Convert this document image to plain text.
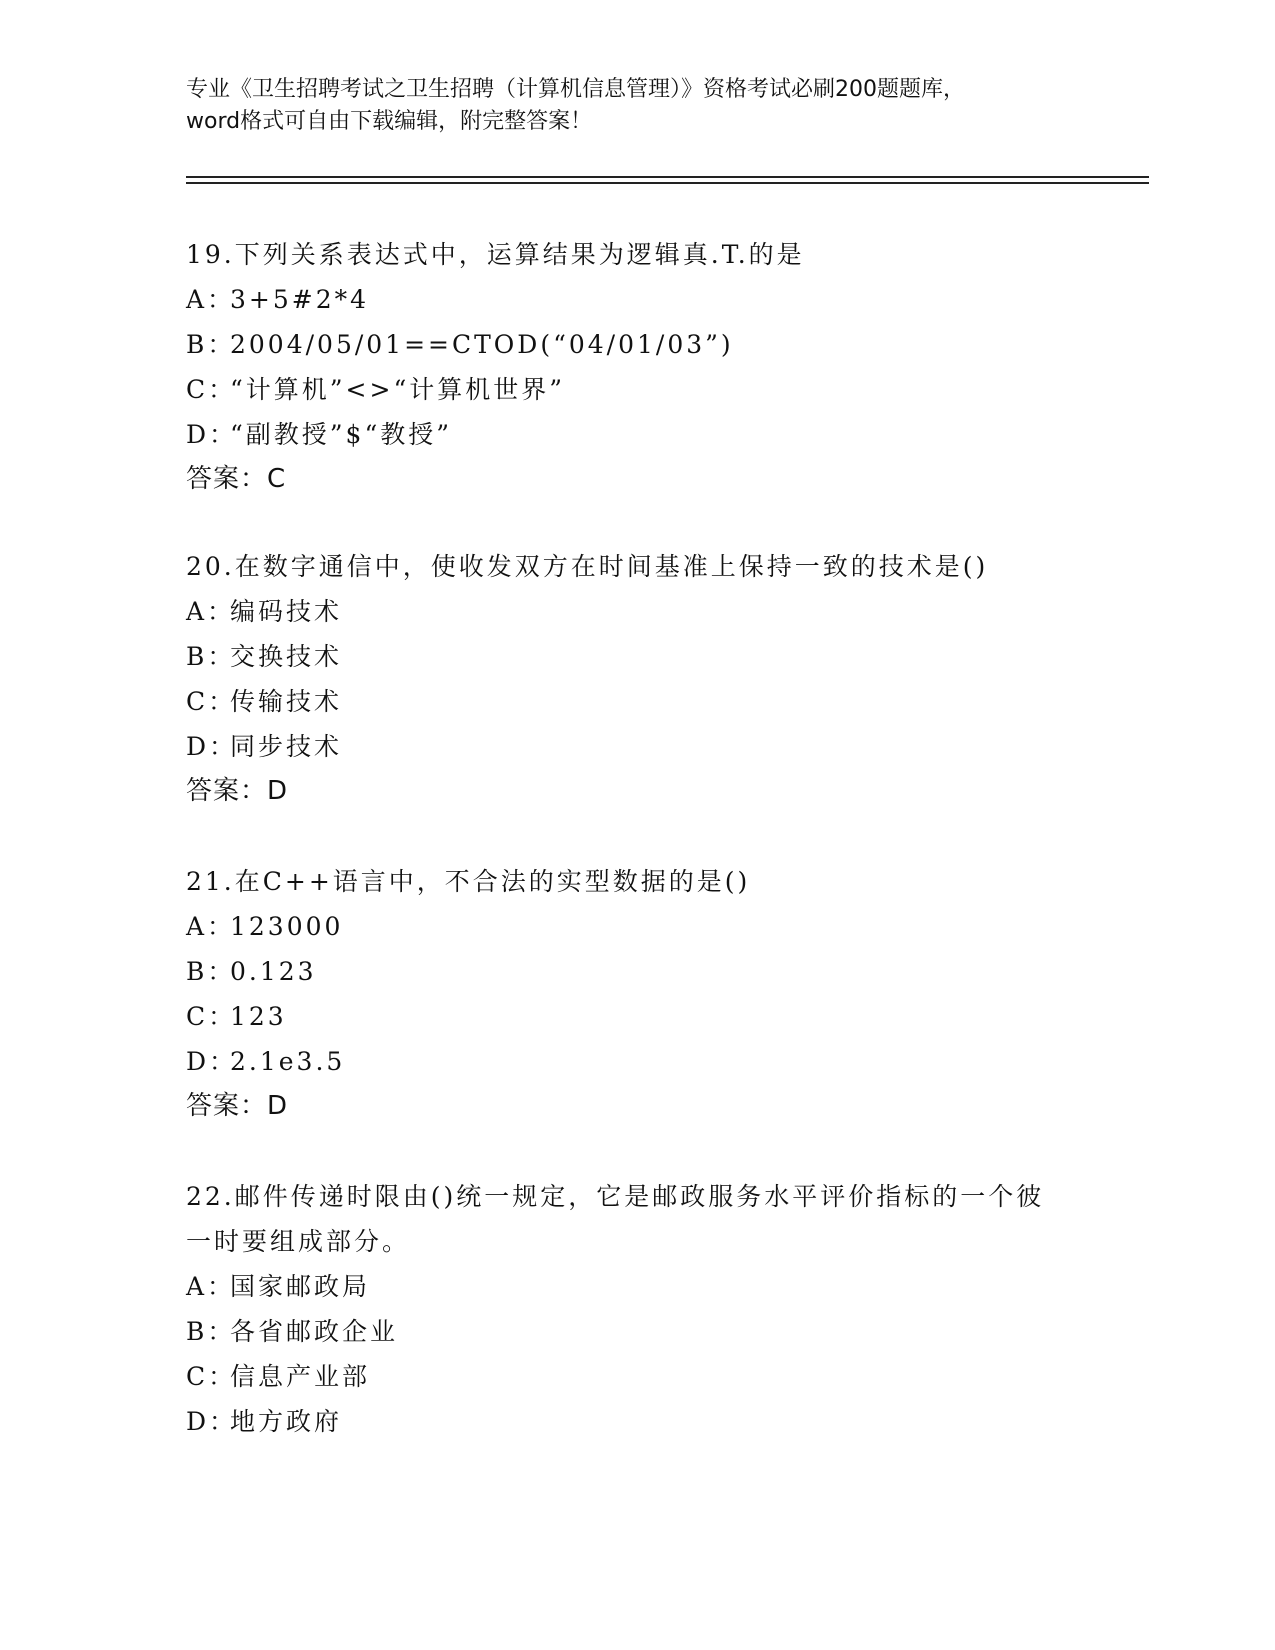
专业《卫生招聘考试之卫生招聘（计算机信息管理）》资格考试必刷200题题库，
word格式可自由下载编辑，附完整答案！
19.下列关系表达式中，运算结果为逻辑真.T.的是
A：
3+5#2*4
B：
2004/05/01==CTOD(“04/01/03”)
C：
“计算机”<>“计算机世界”
D：
“副教授”$“教授”
答案：C
20.在数字通信中，使收发双方在时间基准上保持一致的技术是()
A：
编码技术
B：
交换技术
C：
传输技术
D：
同步技术
答案：D
21.在C++语言中，不合法的实型数据的是()
A：
123000
B：
0.123
C：
123
D：
2.1e3.5
答案：D
22.邮件传递时限由()统一规定，它是邮政服务水平评价指标的一个彼
一时要组成部分。
A：
国家邮政局
B：
各省邮政企业
C：
信息产业部
D：
地方政府
